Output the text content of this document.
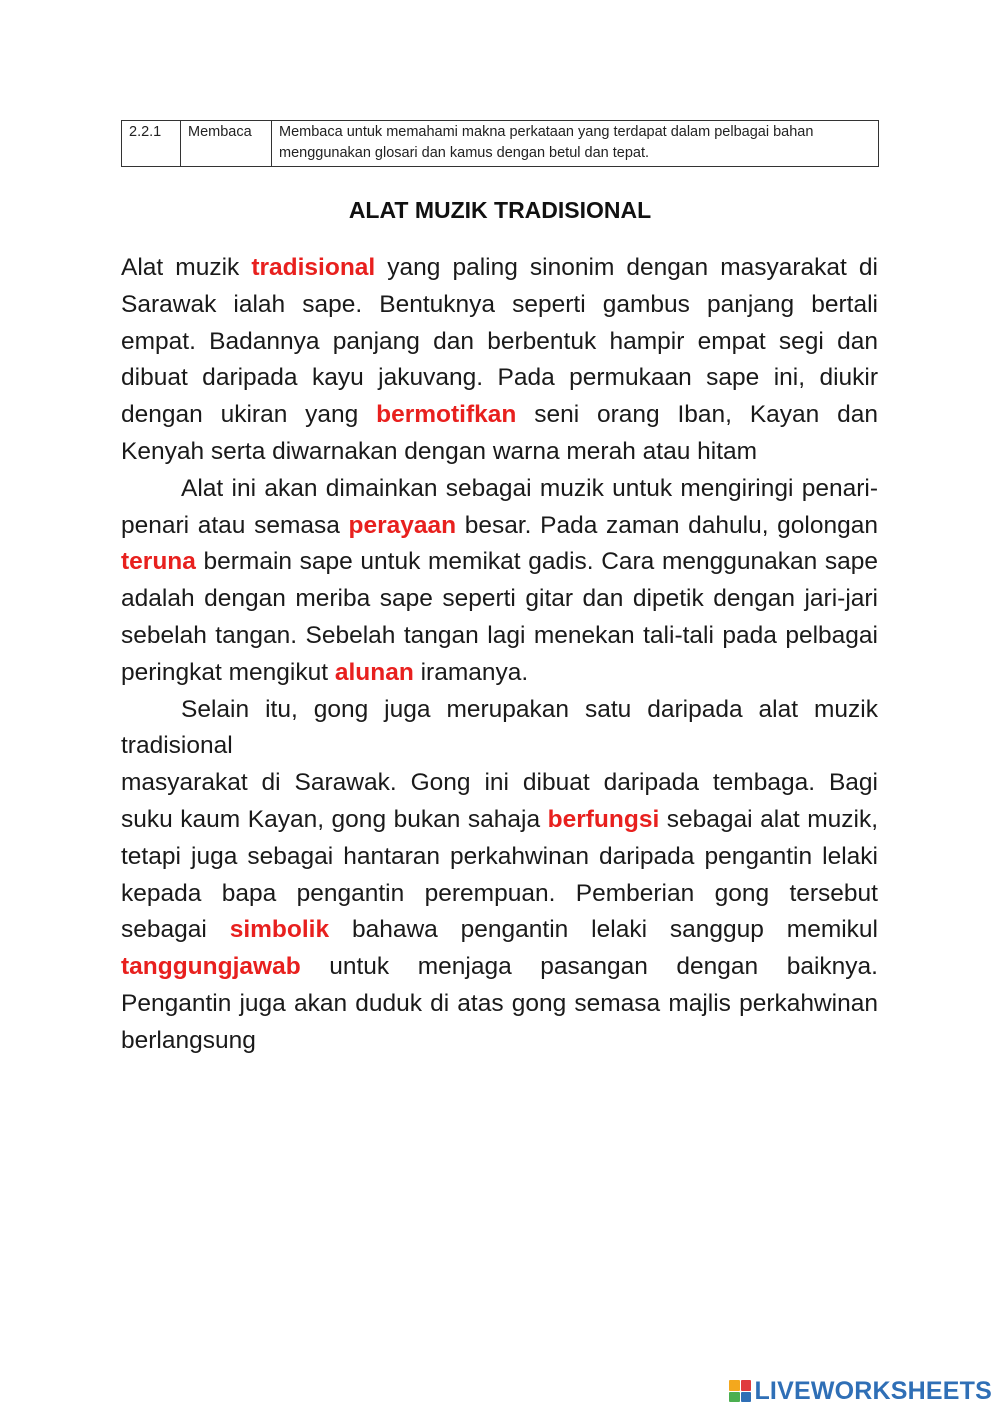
2.2.1	Membaca	Membaca untuk memahami makna perkataan yang terdapat dalam pelbagai bahan menggunakan glosari dan kamus dengan betul dan tepat.
ALAT MUZIK TRADISIONAL

Alat muzik tradisional yang paling sinonim dengan masyarakat di Sarawak ialah sape. Bentuknya seperti gambus panjang bertali empat. Badannya panjang dan berbentuk hampir empat segi dan dibuat daripada kayu jakuvang. Pada permukaan sape ini, diukir dengan ukiran yang bermotifkan seni orang Iban, Kayan dan Kenyah serta diwarnakan dengan warna merah atau hitam

Alat ini akan dimainkan sebagai muzik untuk mengiringi penari-penari atau semasa perayaan besar. Pada zaman dahulu, golongan teruna bermain sape untuk memikat gadis. Cara menggunakan sape adalah dengan meriba sape seperti gitar dan dipetik dengan jari-jari sebelah tangan. Sebelah tangan lagi menekan tali-tali pada pelbagai peringkat mengikut alunan iramanya.

Selain itu, gong juga merupakan satu daripada alat muzik tradisional

masyarakat di Sarawak. Gong ini dibuat daripada tembaga. Bagi suku kaum Kayan, gong bukan sahaja berfungsi sebagai alat muzik, tetapi juga sebagai hantaran perkahwinan daripada pengantin lelaki kepada bapa pengantin perempuan. Pemberian gong tersebut sebagai simbolik bahawa pengantin lelaki sanggup memikul tanggungjawab untuk menjaga pasangan dengan baiknya. Pengantin juga akan duduk di atas gong semasa majlis perkahwinan berlangsung

LIVEWORKSHEETS
